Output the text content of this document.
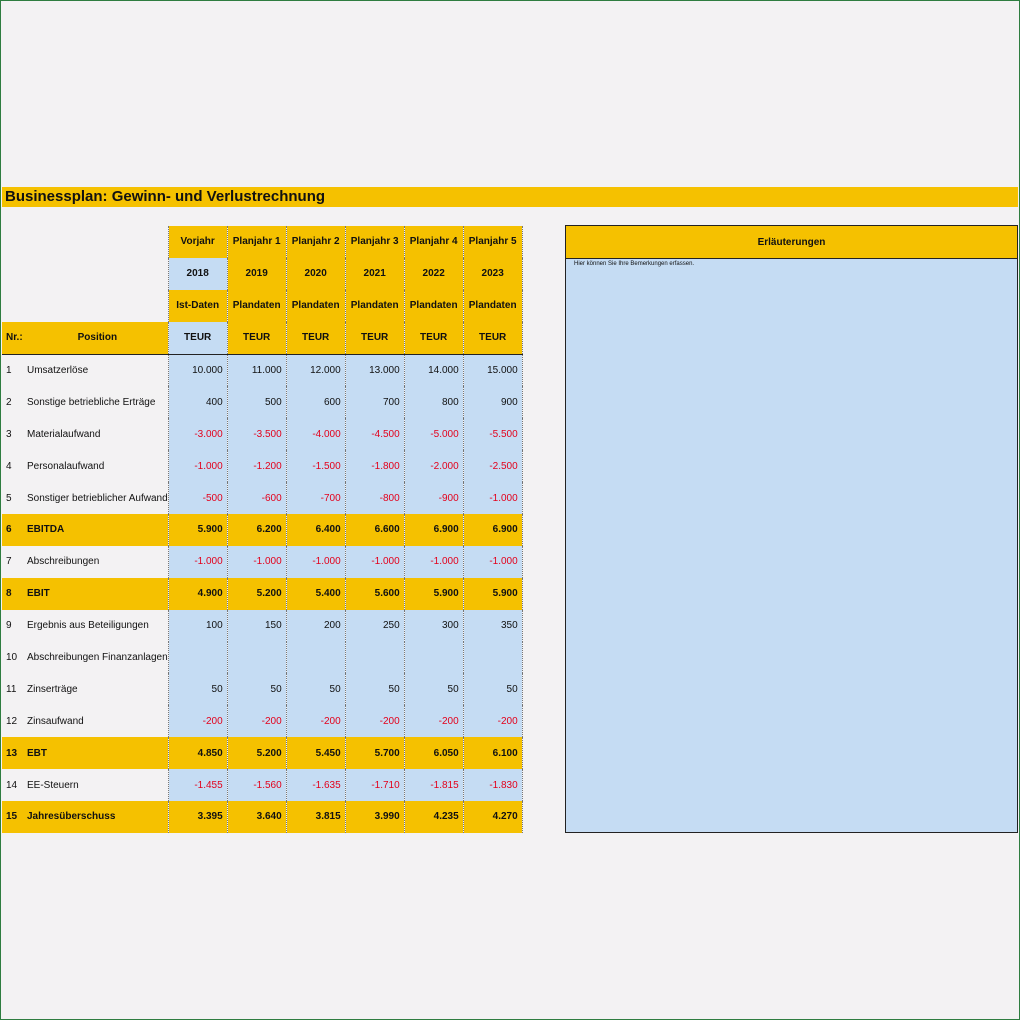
Businessplan: Gewinn- und Verlustrechnung
		Vorjahr	Planjahr 1	Planjahr 2	Planjahr 3	Planjahr 4	Planjahr 5
		2018	2019	2020	2021	2022	2023
		Ist-Daten	Plandaten	Plandaten	Plandaten	Plandaten	Plandaten
Nr.:	Position	TEUR	TEUR	TEUR	TEUR	TEUR	TEUR
1	Umsatzerlöse	10.000	11.000	12.000	13.000	14.000	15.000
2	Sonstige betriebliche Erträge	400	500	600	700	800	900
3	Materialaufwand	-3.000	-3.500	-4.000	-4.500	-5.000	-5.500
4	Personalaufwand	-1.000	-1.200	-1.500	-1.800	-2.000	-2.500
5	Sonstiger betrieblicher Aufwand	-500	-600	-700	-800	-900	-1.000
6	EBITDA	5.900	6.200	6.400	6.600	6.900	6.900
7	Abschreibungen	-1.000	-1.000	-1.000	-1.000	-1.000	-1.000
8	EBIT	4.900	5.200	5.400	5.600	5.900	5.900
9	Ergebnis aus Beteiligungen	100	150	200	250	300	350
10	Abschreibungen Finanzanlagen						
11	Zinserträge	50	50	50	50	50	50
12	Zinsaufwand	-200	-200	-200	-200	-200	-200
13	EBT	4.850	5.200	5.450	5.700	6.050	6.100
14	EE-Steuern	-1.455	-1.560	-1.635	-1.710	-1.815	-1.830
15	Jahresüberschuss	3.395	3.640	3.815	3.990	4.235	4.270
Erläuterungen
Hier können Sie Ihre Bemerkungen erfassen.
